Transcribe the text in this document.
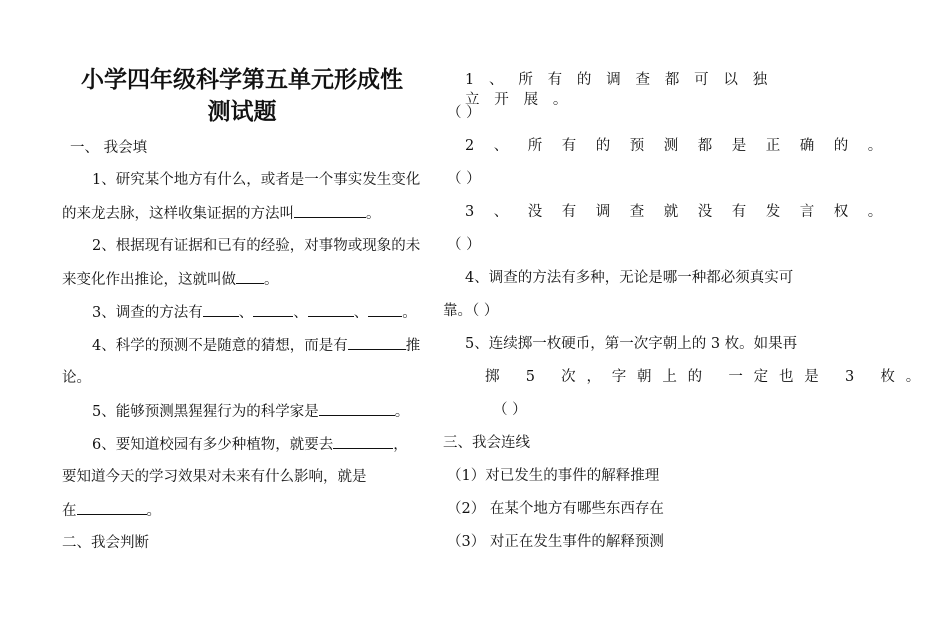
小学四年级科学第五单元形成性
测试题
一、 我会填
1、研究某个地方有什么，或者是一个事实发生变化
的来龙去脉，这样收集证据的方法叫	。
2、根据现有证据和已有的经验，对事物或现象的未
来变化作出推论，这就叫做 。
3、调查的方法有 、	、	、 。
4、科学的预测不是随意的猜想，而是有	推
论。
5、能够预测黑猩猩行为的科学家是	。
6、要知道校园有多少种植物，就要去	，
要知道今天的学习效果对未来有什么影响，就是
在	。
二、我会判断
1、所有的调查都可以独立开展。
（ ）
2、所有的预测都是正确的。
（ ）
3、没有调查就没有发言权。
（ ）
4、调查的方法有多种，无论是哪一种都必须真实可
靠。（ ）
5、连续掷一枚硬币，第一次字朝上的 3 枚。如果再
掷 5 次，字朝上的 一定也是 3 枚。
（ ）
三、我会连线
（1）对已发生的事件的解释推理
（2） 在某个地方有哪些东西存在
（3） 对正在发生事件的解释预测
